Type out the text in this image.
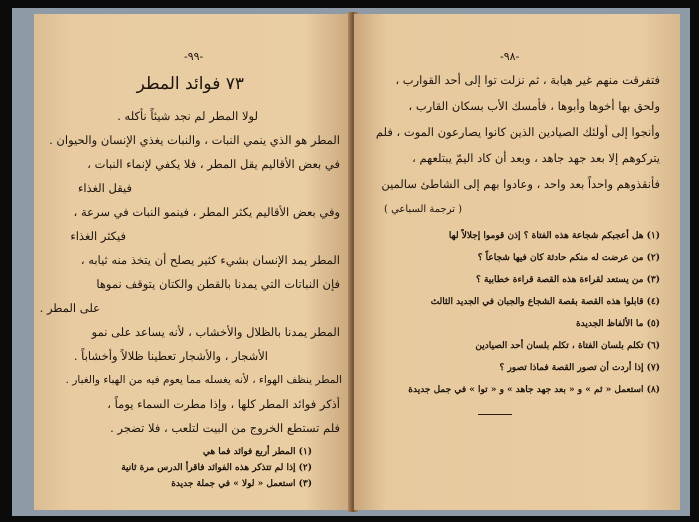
-٩٩-
٧٣ فوائد المطر
لولا المطر لم نجد شيئاً نأكله .
المطر هو الذي ينمي النبات ، والنبات يغذي الإنسان والحيوان .
في بعض الأقاليم يقل المطر ، فلا يكفي لإنماء النبات ،
فيقل الغذاء
وفي بعض الأقاليم يكثر المطر ، فينمو النبات في سرعة ،
فيكثر الغذاء
المطر يمد الإنسان بشيء كثير يصلح أن يتخذ منه ثيابه ،
فإن النباتات التي يمدنا بالقطن والكتان يتوقف نموها
على المطر .
المطر يمدنا بالظلال والأخشاب ، لأنه يساعد على نمو
الأشجار ، والأشجار تعطينا ظلالاً وأخشاباً .
المطر ينظف الهواء ، لأنه يغسله مما يعوم فيه من الهباء والغبار .
أذكر فوائد المطر كلها ، وإذا مطرت السماء يوماً ،
فلم تستطع الخروج من البيت لتلعب ، فلا تضجر .
(١) المطر أربع فوائد فما هي
(٢) إذا لم تتذكر هذه الفوائد فاقرأ الدرس مرة ثانية
(٣) استعمل « لولا » في جملة جديدة
-٩٨-
فتفرقت منهم غير هيابة ، ثم نزلت توا إلى أحد القوارب ،
ولحق بها أخوها وأبوها ، فأمسك الأب بسكان القارب ،
وأنجوا إلى أولئك الصيادين الذين كانوا يصارعون الموت ، فلم
يتركوهم إلا بعد جهد جاهد ، وبعد أن كاد اليمّ يبتلعهم ،
فأنقذوهم واحداً بعد واحد ، وعادوا بهم إلى الشاطئ سالمين
( ترجمة السباعي )
(١) هل أعجبكم شجاعة هذه الفتاة ؟ إذن قوموا إجلالاً لها
(٢) من عرضت له منكم حادثة كان فيها شجاعاً ؟
(٣) من يستعد لقراءة هذه القصة قراءة خطابية ؟
(٤) قابلوا هذه القصة بقصة الشجاع والجبان في الجديد الثالث
(٥) ما الألفاظ الجديدة
(٦) تكلم بلسان الفتاة ، تكلم بلسان أحد الصيادين
(٧) إذا أردت أن تصور القصة فماذا تصور ؟
(٨) استعمل « ثم » و « بعد جهد جاهد » و « توا » في جمل جديدة
